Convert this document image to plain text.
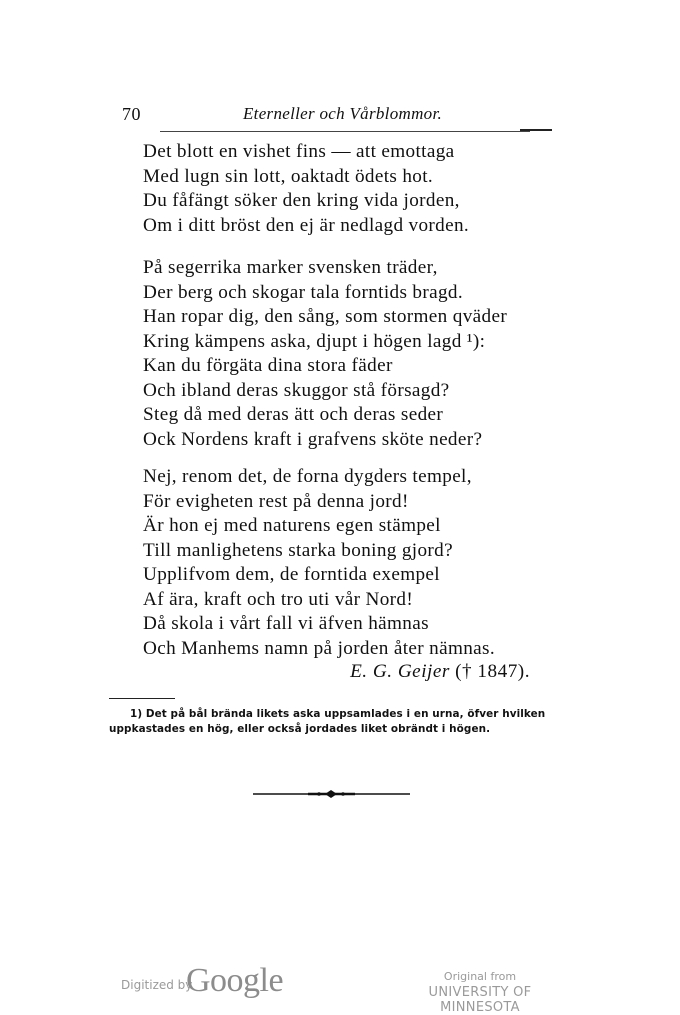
70	Eterneller och Vårblommor.
Det blott en vishet fins — att emottaga
Med lugn sin lott, oaktadt ödets hot.
Du fåfängt söker den kring vida jorden,
Om i ditt bröst den ej är nedlagd vorden.
På segerrika marker svensken träder,
Der berg och skogar tala forntids bragd.
Han ropar dig, den sång, som stormen qväder
Kring kämpens aska, djupt i högen lagd ¹):
Kan du förgäta dina stora fäder
Och ibland deras skuggor stå försagd?
Steg då med deras ätt och deras seder
Ock Nordens kraft i grafvens sköte neder?
Nej, renom det, de forna dygders tempel,
För evigheten rest på denna jord!
Är hon ej med naturens egen stämpel
Till manlighetens starka boning gjord?
Upplifvom dem, de forntida exempel
Af ära, kraft och tro uti vår Nord!
Då skola i vårt fall vi äfven hämnas
Och Manhems namn på jorden åter nämnas.
E. G. Geijer († 1847).
1) Det på bål brända likets aska uppsamlades i en urna, öfver hvilken
uppkastades en hög, eller också jordades liket obrändt i högen.
Digitized by
Google	Original from
UNIVERSITY OF MINNESOTA
